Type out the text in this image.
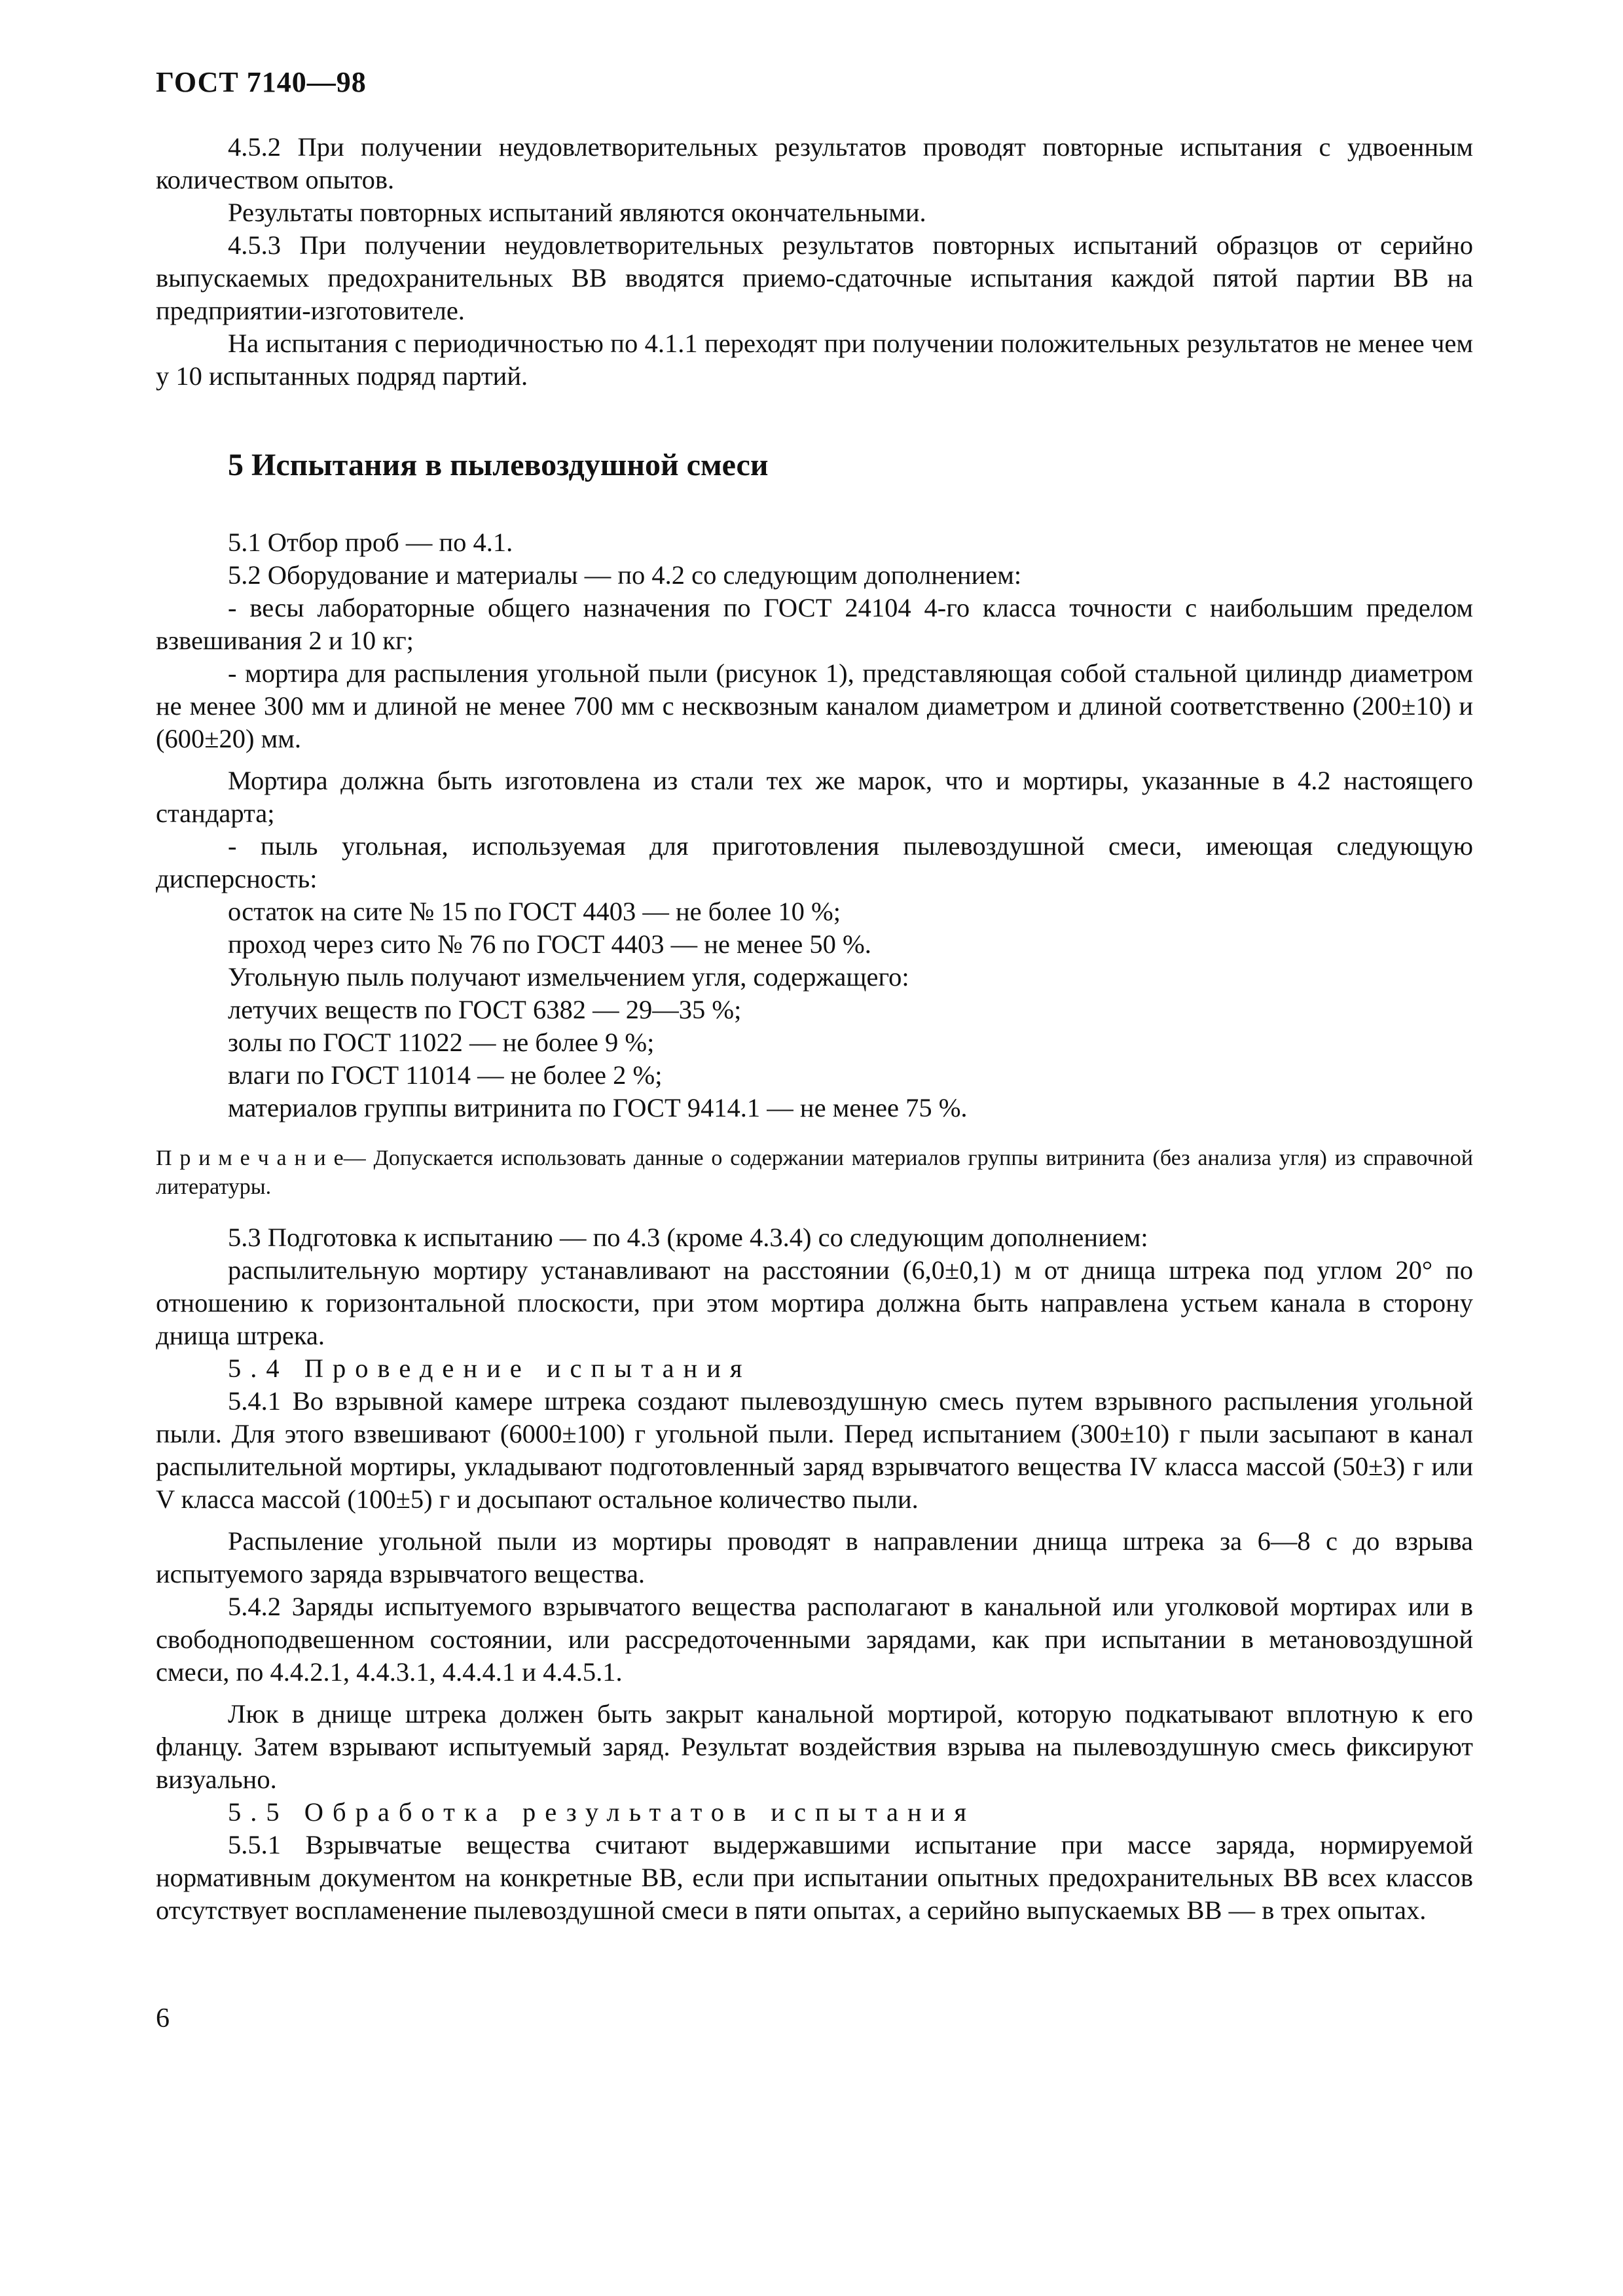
ГОСТ 7140—98

4.5.2 При получении неудовлетворительных результатов проводят повторные испытания с удвоенным количеством опытов.

Результаты повторных испытаний являются окончательными.

4.5.3 При получении неудовлетворительных результатов повторных испытаний образцов от серийно выпускаемых предохранительных ВВ вводятся приемо-сдаточные испытания каждой пятой партии ВВ на предприятии-изготовителе.

На испытания с периодичностью по 4.1.1 переходят при получении положительных результатов не менее чем у 10 испытанных подряд партий.

5 Испытания в пылевоздушной смеси

5.1 Отбор проб — по 4.1.

5.2 Оборудование и материалы — по 4.2 со следующим дополнением:

- весы лабораторные общего назначения по ГОСТ 24104 4-го класса точности с наибольшим пределом взвешивания 2 и 10 кг;

- мортира для распыления угольной пыли (рисунок 1), представляющая собой стальной цилиндр диаметром не менее 300 мм и длиной не менее 700 мм с несквозным каналом диаметром и длиной соответственно (200±10) и (600±20) мм.

Мортира должна быть изготовлена из стали тех же марок, что и мортиры, указанные в 4.2 настоящего стандарта;

- пыль угольная, используемая для приготовления пылевоздушной смеси, имеющая следующую дисперсность:

остаток на сите № 15 по ГОСТ 4403 — не более 10 %;

проход через сито № 76 по ГОСТ 4403 — не менее 50 %.

Угольную пыль получают измельчением угля, содержащего:

летучих веществ по ГОСТ 6382 — 29—35 %;

золы по ГОСТ 11022 — не более 9 %;

влаги по ГОСТ 11014 — не более 2 %;

материалов группы витринита по ГОСТ 9414.1 — не менее 75 %.

П р и м е ч а н и е— Допускается использовать данные о содержании материалов группы витринита (без анализа угля) из справочной литературы.

5.3 Подготовка к испытанию — по 4.3 (кроме 4.3.4) со следующим дополнением:

распылительную мортиру устанавливают на расстоянии (6,0±0,1) м от днища штрека под углом 20° по отношению к горизонтальной плоскости, при этом мортира должна быть направлена устьем канала в сторону днища штрека.

5.4 Проведение испытания

5.4.1 Во взрывной камере штрека создают пылевоздушную смесь путем взрывного распыления угольной пыли. Для этого взвешивают (6000±100) г угольной пыли. Перед испытанием (300±10) г пыли засыпают в канал распылительной мортиры, укладывают подготовленный заряд взрывчатого вещества IV класса массой (50±3) г или V класса массой (100±5) г и досыпают остальное количество пыли.

Распыление угольной пыли из мортиры проводят в направлении днища штрека за 6—8 с до взрыва испытуемого заряда взрывчатого вещества.

5.4.2 Заряды испытуемого взрывчатого вещества располагают в канальной или уголковой мортирах или в свободноподвешенном состоянии, или рассредоточенными зарядами, как при испытании в метановоздушной смеси, по 4.4.2.1, 4.4.3.1, 4.4.4.1 и 4.4.5.1.

Люк в днище штрека должен быть закрыт канальной мортирой, которую подкатывают вплотную к его фланцу. Затем взрывают испытуемый заряд. Результат воздействия взрыва на пылевоздушную смесь фиксируют визуально.

5.5 Обработка результатов испытания

5.5.1 Взрывчатые вещества считают выдержавшими испытание при массе заряда, нормируемой нормативным документом на конкретные ВВ, если при испытании опытных предохранительных ВВ всех классов отсутствует воспламенение пылевоздушной смеси в пяти опытах, а серийно выпускаемых ВВ — в трех опытах.

6
